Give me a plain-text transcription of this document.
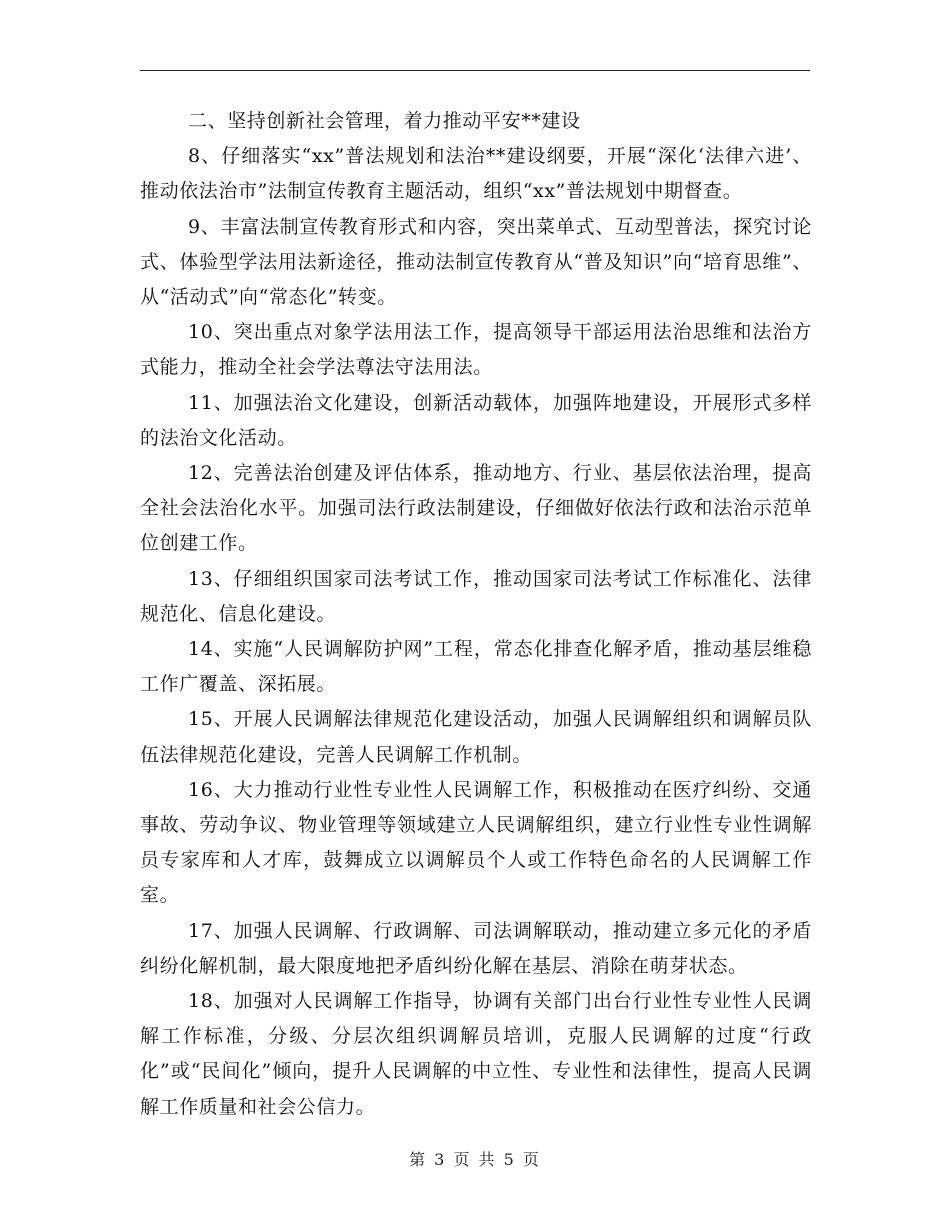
二、坚持创新社会管理，着力推动平安**建设

8、仔细落实“xx”普法规划和法治**建设纲要，开展“深化‘法律六进’、推动依法治市”法制宣传教育主题活动，组织“xx”普法规划中期督查。

9、丰富法制宣传教育形式和内容，突出菜单式、互动型普法，探究讨论式、体验型学法用法新途径，推动法制宣传教育从“普及知识”向“培育思维”、从“活动式”向“常态化”转变。

10、突出重点对象学法用法工作，提高领导干部运用法治思维和法治方式能力，推动全社会学法尊法守法用法。

11、加强法治文化建设，创新活动载体，加强阵地建设，开展形式多样的法治文化活动。

12、完善法治创建及评估体系，推动地方、行业、基层依法治理，提高全社会法治化水平。加强司法行政法制建设，仔细做好依法行政和法治示范单位创建工作。

13、仔细组织国家司法考试工作，推动国家司法考试工作标准化、法律规范化、信息化建设。

14、实施“人民调解防护网”工程，常态化排查化解矛盾，推动基层维稳工作广覆盖、深拓展。

15、开展人民调解法律规范化建设活动，加强人民调解组织和调解员队伍法律规范化建设，完善人民调解工作机制。

16、大力推动行业性专业性人民调解工作，积极推动在医疗纠纷、交通事故、劳动争议、物业管理等领域建立人民调解组织，建立行业性专业性调解员专家库和人才库，鼓舞成立以调解员个人或工作特色命名的人民调解工作室。

17、加强人民调解、行政调解、司法调解联动，推动建立多元化的矛盾纠纷化解机制，最大限度地把矛盾纠纷化解在基层、消除在萌芽状态。

18、加强对人民调解工作指导，协调有关部门出台行业性专业性人民调解工作标准，分级、分层次组织调解员培训，克服人民调解的过度“行政化”或“民间化”倾向，提升人民调解的中立性、专业性和法律性，提高人民调解工作质量和社会公信力。

第 3 页 共 5 页
